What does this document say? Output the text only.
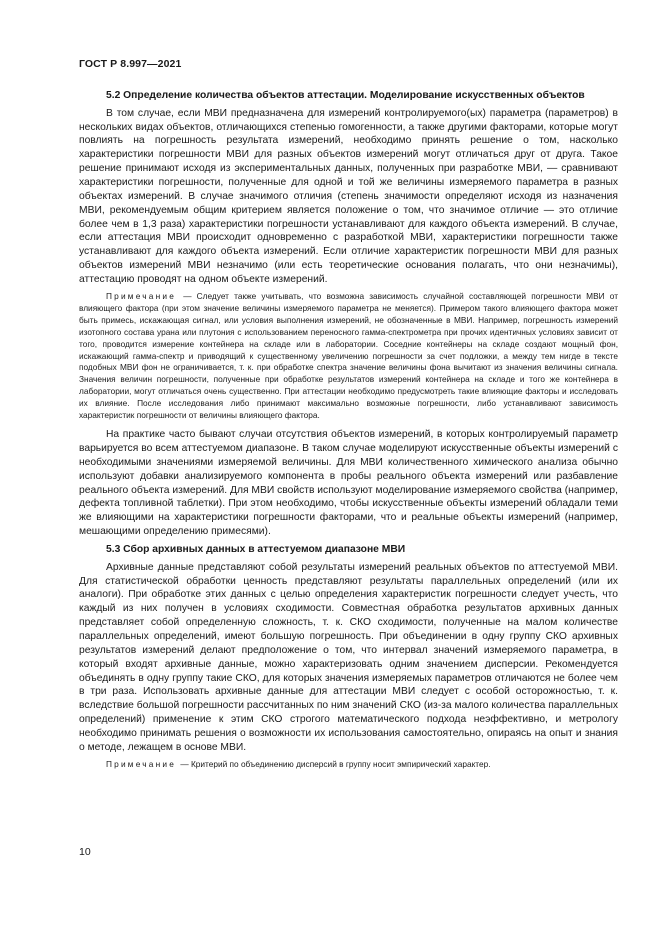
ГОСТ Р 8.997—2021
5.2 Определение количества объектов аттестации. Моделирование искусственных объектов

В том случае, если МВИ предназначена для измерений контролируемого(ых) параметра (параметров) в нескольких видах объектов, отличающихся степенью гомогенности, а также другими факторами, которые могут повлиять на погрешность результата измерений, необходимо принять решение о том, насколько характеристики погрешности МВИ для разных объектов измерений могут отличаться друг от друга. Такое решение принимают исходя из экспериментальных данных, полученных при разработке МВИ, — сравнивают характеристики погрешности, полученные для одной и той же величины измеряемого параметра в разных объектах измерений. В случае значимого отличия (степень значимости определяют исходя из назначения МВИ, рекомендуемым общим критерием является положение о том, что значимое отличие — это отличие более чем в 1,3 раза) характеристики погрешности устанавливают для каждого объекта измерений. В случае, если аттестация МВИ происходит одновременно с разработкой МВИ, характеристики погрешности также устанавливают для каждого объекта измерений. Если отличие характеристик погрешности МВИ для разных объектов измерений МВИ незначимо (или есть теоретические основания полагать, что они незначимы), аттестацию проводят на одном объекте измерений.

Примечание — Следует также учитывать, что возможна зависимость случайной составляющей погрешности МВИ от влияющего фактора (при этом значение величины измеряемого параметра не меняется). Примером такого влияющего фактора может быть примесь, искажающая сигнал, или условия выполнения измерений, не обозначенные в МВИ. Например, погрешность измерений изотопного состава урана или плутония с использованием переносного гамма-спектрометра при прочих идентичных условиях зависит от того, проводится измерение контейнера на складе или в лаборатории. Соседние контейнеры на складе создают мощный фон, искажающий гамма-спектр и приводящий к существенному увеличению погрешности за счет подложки, а между тем нигде в тексте подобных МВИ фон не ограничивается, т. к. при обработке спектра значение величины фона вычитают из значения величины сигнала. Значения величин погрешности, полученные при обработке результатов измерений контейнера на складе и того же контейнера в лаборатории, могут отличаться очень существенно. При аттестации необходимо предусмотреть такие влияющие факторы и исследовать их влияние. После исследования либо принимают максимально возможные погрешности, либо устанавливают зависимость характеристик погрешности от величины влияющего фактора.

На практике часто бывают случаи отсутствия объектов измерений, в которых контролируемый параметр варьируется во всем аттестуемом диапазоне. В таком случае моделируют искусственные объекты измерений с необходимыми значениями измеряемой величины. Для МВИ количественного химического анализа обычно используют добавки анализируемого компонента в пробы реального объекта измерений или разбавление реального объекта измерений. Для МВИ свойств используют моделирование измеряемого свойства (например, дефекта топливной таблетки). При этом необходимо, чтобы искусственные объекты измерений обладали теми же влияющими на характеристики погрешности факторами, что и реальные объекты измерений (например, мешающими определению примесями).

5.3 Сбор архивных данных в аттестуемом диапазоне МВИ

Архивные данные представляют собой результаты измерений реальных объектов по аттестуемой МВИ. Для статистической обработки ценность представляют результаты параллельных определений (или их аналоги). При обработке этих данных с целью определения характеристик погрешности следует учесть, что каждый из них получен в условиях сходимости. Совместная обработка результатов архивных данных представляет собой определенную сложность, т. к. СКО сходимости, полученные на малом количестве параллельных определений, имеют большую погрешность. При объединении в одну группу СКО архивных результатов измерений делают предположение о том, что интервал значений измеряемого параметра, в который входят архивные данные, можно характеризовать одним значением дисперсии. Рекомендуется объединять в одну группу такие СКО, для которых значения измеряемых параметров отличаются не более чем в три раза. Использовать архивные данные для аттестации МВИ следует с особой осторожностью, т. к. вследствие большой погрешности рассчитанных по ним значений СКО (из-за малого количества параллельных определений) применение к этим СКО строгого математического подхода неэффективно, и метрологу необходимо принимать решения о возможности их использования самостоятельно, опираясь на опыт и знания о методе, лежащем в основе МВИ.

Примечание — Критерий по объединению дисперсий в группу носит эмпирический характер.

10
